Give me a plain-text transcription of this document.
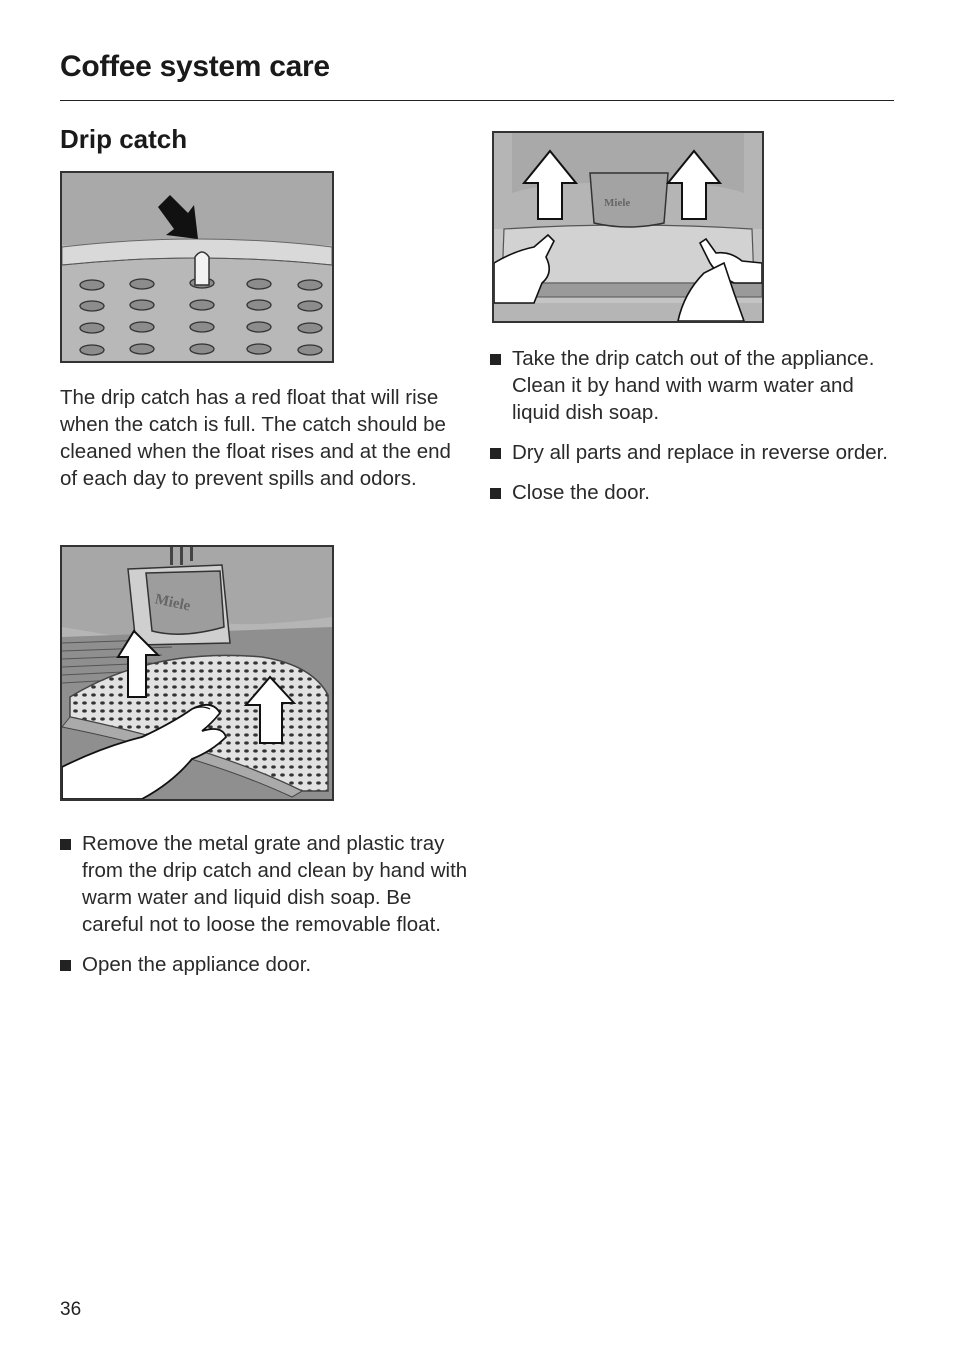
Coffee system care
Drip catch
The drip catch has a red float that will rise when the catch is full. The catch should be cleaned when the float rises and at the end of each day to prevent spills and odors.
Miele
Remove the metal grate and plastic tray from the drip catch and clean by hand with warm water and liquid dish soap. Be careful not to loose the removable float.
Open the appliance door.
Miele
Take the drip catch out of the appliance. Clean it by hand with warm water and liquid dish soap.
Dry all parts and replace in reverse order.
Close the door.
36
